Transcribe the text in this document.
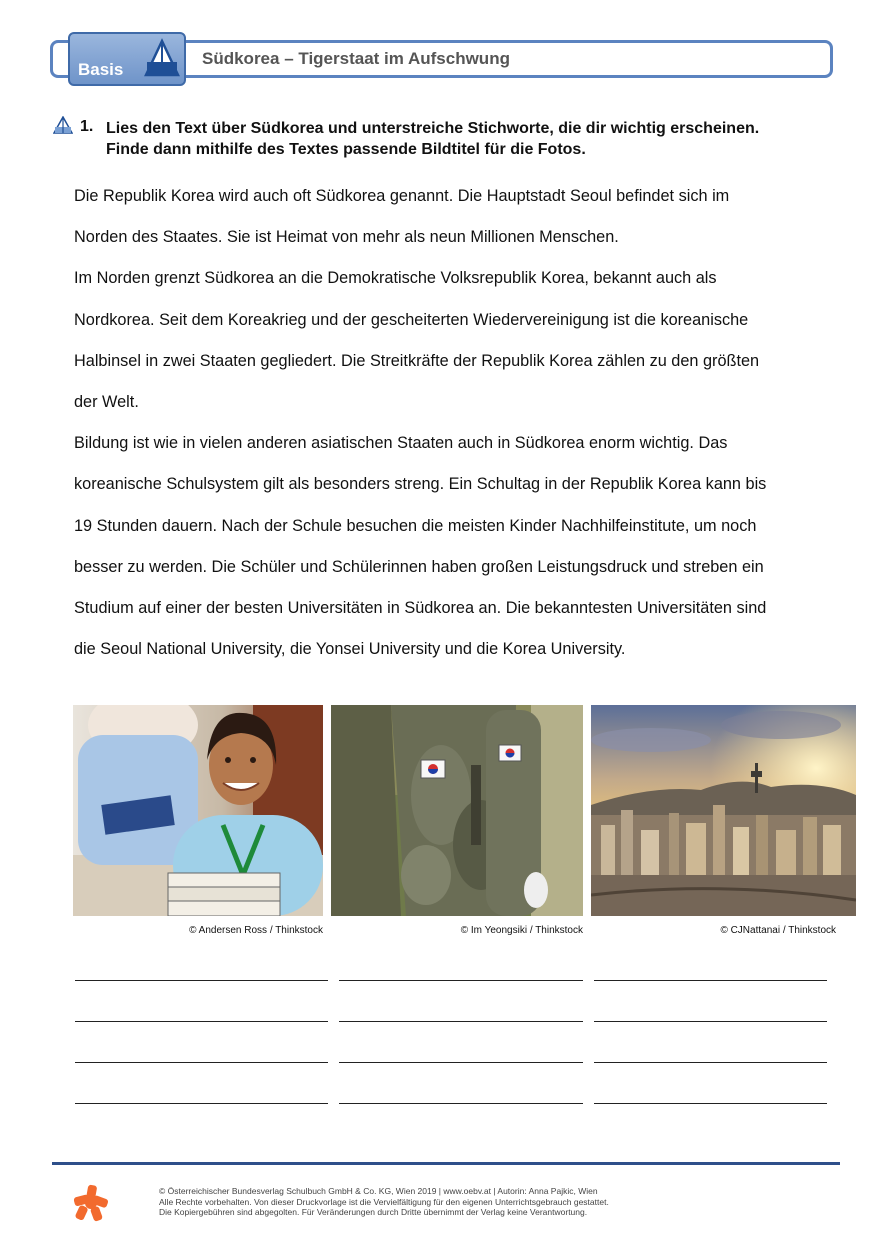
Basis
Südkorea – Tigerstaat im Aufschwung
1. Lies den Text über Südkorea und unterstreiche Stichworte, die dir wichtig erscheinen.
Finde dann mithilfe des Textes passende Bildtitel für die Fotos.

Die Republik Korea wird auch oft Südkorea genannt. Die Hauptstadt Seoul befindet sich im

Norden des Staates. Sie ist Heimat von mehr als neun Millionen Menschen.

Im Norden grenzt Südkorea an die Demokratische Volksrepublik Korea, bekannt auch als

Nordkorea. Seit dem Koreakrieg und der gescheiterten Wiedervereinigung ist die koreanische

Halbinsel in zwei Staaten gegliedert. Die Streitkräfte der Republik Korea zählen zu den größten

der Welt.

Bildung ist wie in vielen anderen asiatischen Staaten auch in Südkorea enorm wichtig. Das

koreanische Schulsystem gilt als besonders streng. Ein Schultag in der Republik Korea kann bis

19 Stunden dauern. Nach der Schule besuchen die meisten Kinder Nachhilfeinstitute, um noch

besser zu werden. Die Schüler und Schülerinnen haben großen Leistungsdruck und streben ein

Studium auf einer der besten Universitäten in Südkorea an. Die bekanntesten Universitäten sind

die Seoul National University, die Yonsei University und die Korea University.

© Andersen Ross / Thinkstock	© Im Yeongsiki / Thinkstock	© CJNattanai / Thinkstock
© Österreichischer Bundesverlag Schulbuch GmbH & Co. KG, Wien 2019 | www.oebv.at | Autorin: Anna Pajkic, Wien
Alle Rechte vorbehalten. Von dieser Druckvorlage ist die Vervielfältigung für den eigenen Unterrichtsgebrauch gestattet.
Die Kopiergebühren sind abgegolten. Für Veränderungen durch Dritte übernimmt der Verlag keine Verantwortung.
